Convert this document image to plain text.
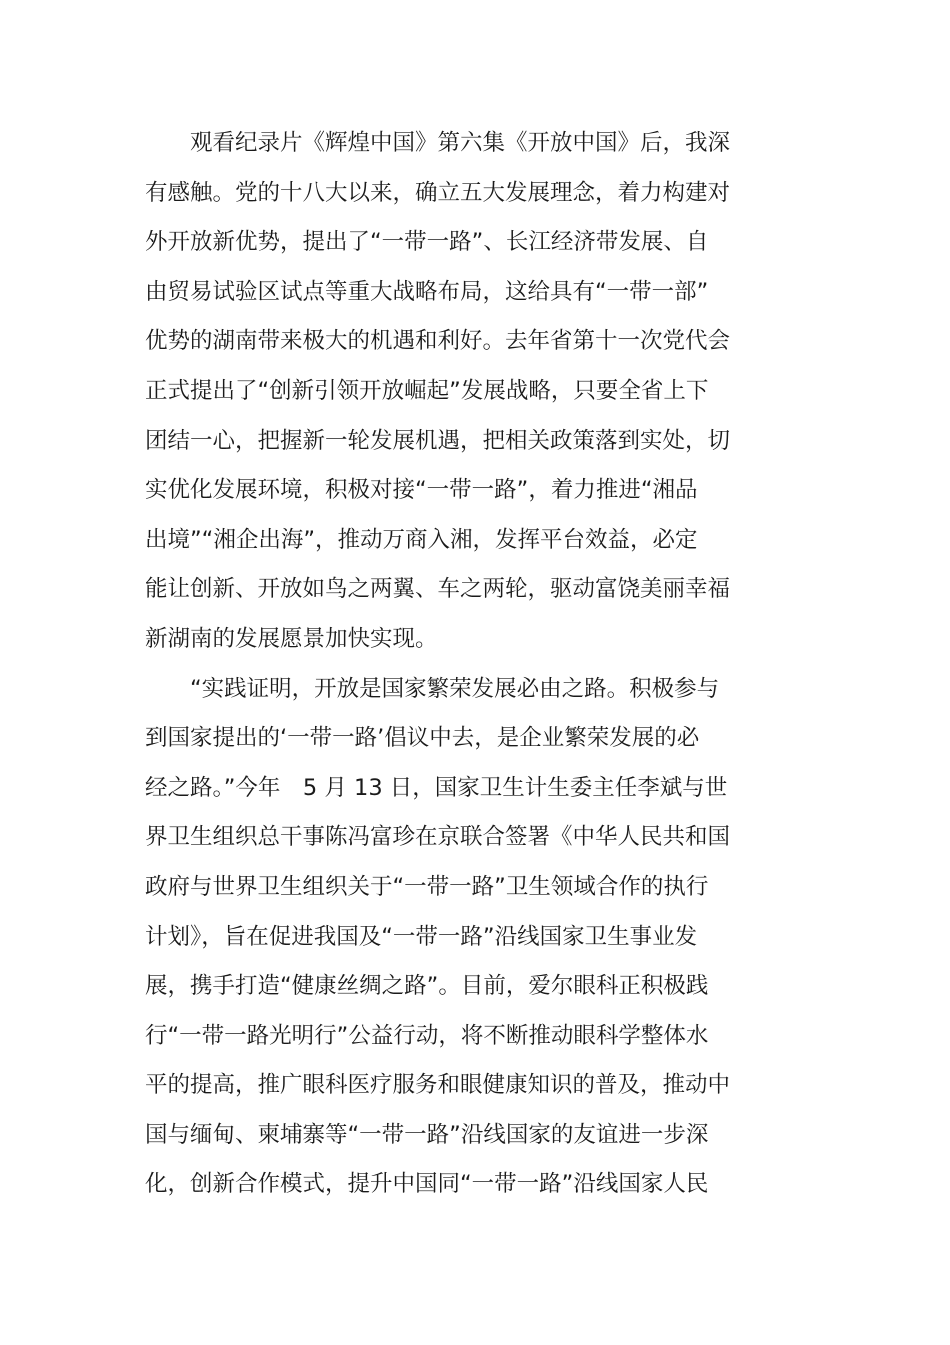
　　观看纪录片《辉煌中国》第六集《开放中国》后，我深
有感触。党的十八大以来，确立五大发展理念，着力构建对
外开放新优势，提出了“一带一路”、长江经济带发展、自
由贸易试验区试点等重大战略布局，这给具有“一带一部”
优势的湖南带来极大的机遇和利好。去年省第十一次党代会
正式提出了“创新引领开放崛起”发展战略，只要全省上下
团结一心，把握新一轮发展机遇，把相关政策落到实处，切
实优化发展环境，积极对接“一带一路”，着力推进“湘品
出境”“湘企出海”，推动万商入湘，发挥平台效益，必定
能让创新、开放如鸟之两翼、车之两轮，驱动富饶美丽幸福
新湖南的发展愿景加快实现。
　　“实践证明，开放是国家繁荣发展必由之路。积极参与
到国家提出的‘一带一路’倡议中去，是企业繁荣发展的必
经之路。”今年　5 月 13 日，国家卫生计生委主任李斌与世
界卫生组织总干事陈冯富珍在京联合签署《中华人民共和国
政府与世界卫生组织关于“一带一路”卫生领域合作的执行
计划》，旨在促进我国及“一带一路”沿线国家卫生事业发
展，携手打造“健康丝绸之路”。目前，爱尔眼科正积极践
行“一带一路光明行”公益行动，将不断推动眼科学整体水
平的提高，推广眼科医疗服务和眼健康知识的普及，推动中
国与缅甸、柬埔寨等“一带一路”沿线国家的友谊进一步深
化，创新合作模式，提升中国同“一带一路”沿线国家人民
